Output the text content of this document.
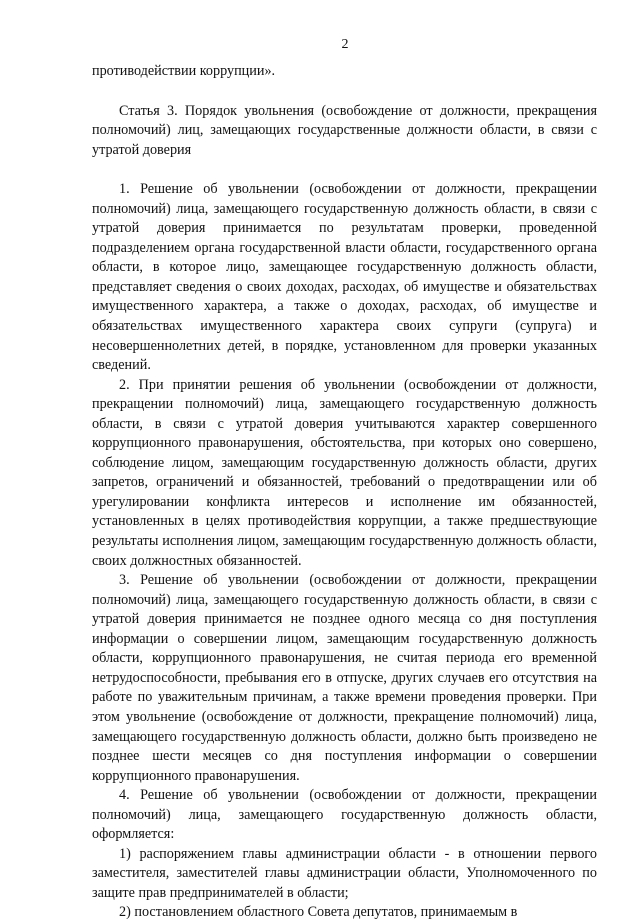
2

противодействии коррупции».

Статья 3. Порядок увольнения (освобождение от должности, прекращения полномочий) лиц, замещающих государственные должности области, в связи с утратой доверия

1. Решение об увольнении (освобождении от должности, прекращении полномочий) лица, замещающего государственную должность области, в связи с утратой доверия принимается по результатам проверки, проведенной подразделением органа государственной власти области, государственного органа области, в которое лицо, замещающее государственную должность области, представляет сведения о своих доходах, расходах, об имуществе и обязательствах имущественного характера, а также о доходах, расходах, об имуществе и обязательствах имущественного характера своих супруги (супруга) и несовершеннолетних детей, в порядке, установленном для проверки указанных сведений.

2. При принятии решения об увольнении (освобождении от должности, прекращении полномочий) лица, замещающего государственную должность области, в связи с утратой доверия учитываются характер совершенного коррупционного правонарушения, обстоятельства, при которых оно совершено, соблюдение лицом, замещающим государственную должность области, других запретов, ограничений и обязанностей, требований о предотвращении или об урегулировании конфликта интересов и исполнение им обязанностей, установленных в целях противодействия коррупции, а также предшествующие результаты исполнения лицом, замещающим государственную должность области, своих должностных обязанностей.

3. Решение об увольнении (освобождении от должности, прекращении полномочий) лица, замещающего государственную должность области, в связи с утратой доверия принимается не позднее одного месяца со дня поступления информации о совершении лицом, замещающим государственную должность области, коррупционного правонарушения, не считая периода его временной нетрудоспособности, пребывания его в отпуске, других случаев его отсутствия на работе по уважительным причинам, а также времени проведения проверки. При этом увольнение (освобождение от должности, прекращение полномочий) лица, замещающего государственную должность области, должно быть произведено не позднее шести месяцев со дня поступления информации о совершении коррупционного правонарушения.

4. Решение об увольнении (освобождении от должности, прекращении полномочий) лица, замещающего государственную должность области, оформляется:

1) распоряжением главы администрации области - в отношении первого заместителя, заместителей главы администрации области, Уполномоченного по защите прав предпринимателей в области;

2) постановлением областного Совета депутатов, принимаемым в
